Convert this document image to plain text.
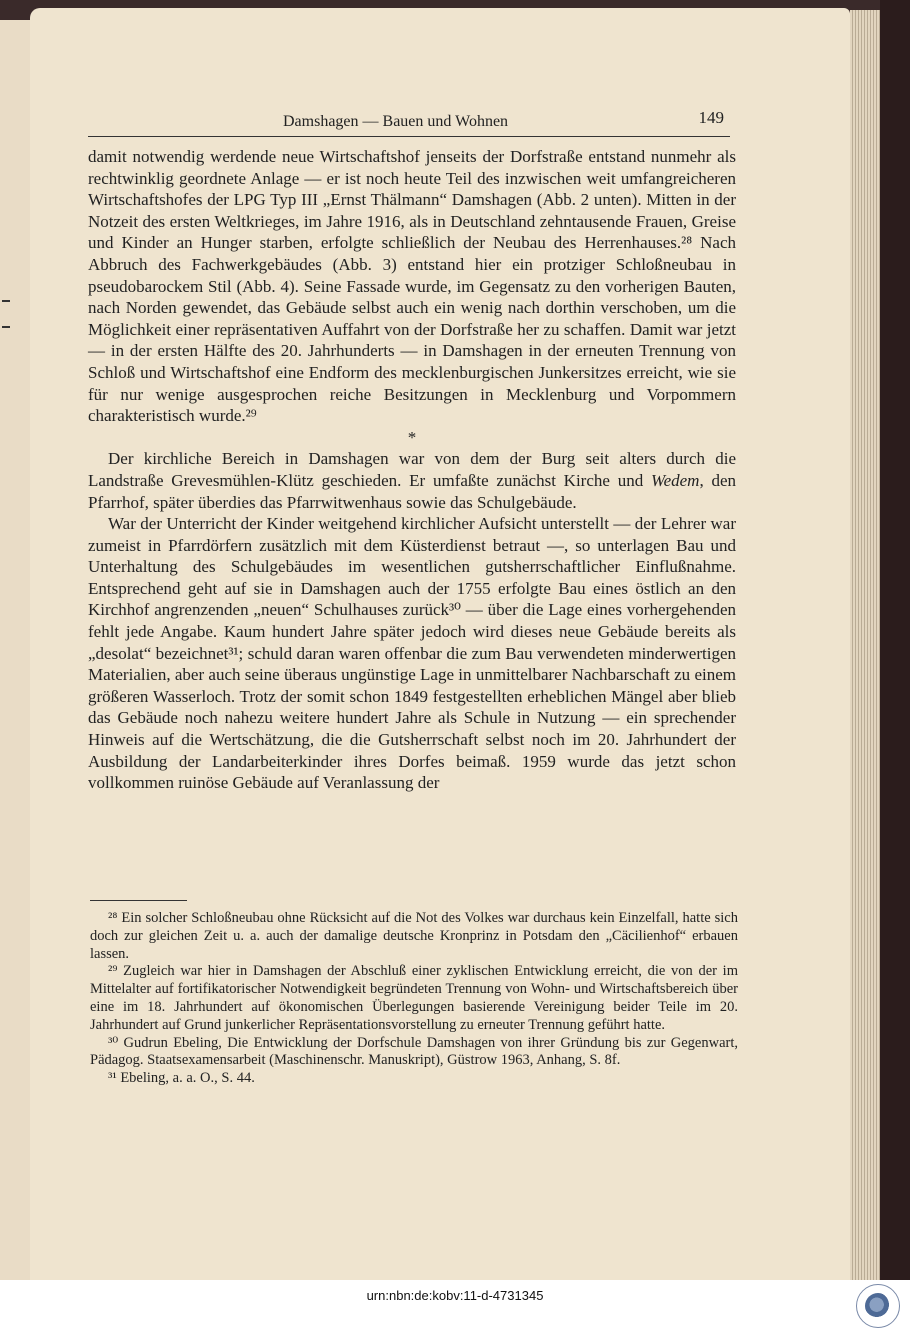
Damshagen — Bauen und Wohnen	149

damit notwendig werdende neue Wirtschaftshof jenseits der Dorfstraße entstand nunmehr als rechtwinklig geordnete Anlage — er ist noch heute Teil des inzwischen weit umfangreicheren Wirtschaftshofes der LPG Typ III „Ernst Thälmann“ Damshagen (Abb. 2 unten). Mitten in der Notzeit des ersten Weltkrieges, im Jahre 1916, als in Deutschland zehntausende Frauen, Greise und Kinder an Hunger starben, erfolgte schließlich der Neubau des Herrenhauses.²⁸ Nach Abbruch des Fachwerkgebäudes (Abb. 3) entstand hier ein protziger Schloßneubau in pseudobarockem Stil (Abb. 4). Seine Fassade wurde, im Gegensatz zu den vorherigen Bauten, nach Norden gewendet, das Gebäude selbst auch ein wenig nach dorthin verschoben, um die Möglichkeit einer repräsentativen Auffahrt von der Dorfstraße her zu schaffen. Damit war jetzt — in der ersten Hälfte des 20. Jahrhunderts — in Damshagen in der erneuten Trennung von Schloß und Wirtschaftshof eine Endform des mecklenburgischen Junkersitzes erreicht, wie sie für nur wenige ausgesprochen reiche Besitzungen in Mecklenburg und Vorpommern charakteristisch wurde.²⁹

*

Der kirchliche Bereich in Damshagen war von dem der Burg seit alters durch die Landstraße Grevesmühlen-Klütz geschieden. Er umfaßte zunächst Kirche und Wedem, den Pfarrhof, später überdies das Pfarrwitwenhaus sowie das Schulgebäude.

War der Unterricht der Kinder weitgehend kirchlicher Aufsicht unterstellt — der Lehrer war zumeist in Pfarrdörfern zusätzlich mit dem Küsterdienst betraut —, so unterlagen Bau und Unterhaltung des Schulgebäudes im wesentlichen gutsherrschaftlicher Einflußnahme. Entsprechend geht auf sie in Damshagen auch der 1755 erfolgte Bau eines östlich an den Kirchhof angrenzenden „neuen“ Schulhauses zurück³⁰ — über die Lage eines vorhergehenden fehlt jede Angabe. Kaum hundert Jahre später jedoch wird dieses neue Gebäude bereits als „desolat“ bezeichnet³¹; schuld daran waren offenbar die zum Bau verwendeten minderwertigen Materialien, aber auch seine überaus ungünstige Lage in unmittelbarer Nachbarschaft zu einem größeren Wasserloch. Trotz der somit schon 1849 festgestellten erheblichen Mängel aber blieb das Gebäude noch nahezu weitere hundert Jahre als Schule in Nutzung — ein sprechender Hinweis auf die Wertschätzung, die die Gutsherrschaft selbst noch im 20. Jahrhundert der Ausbildung der Landarbeiterkinder ihres Dorfes beimaß. 1959 wurde das jetzt schon vollkommen ruinöse Gebäude auf Veranlassung der

²⁸ Ein solcher Schloßneubau ohne Rücksicht auf die Not des Volkes war durchaus kein Einzelfall, hatte sich doch zur gleichen Zeit u. a. auch der damalige deutsche Kronprinz in Potsdam den „Cäcilienhof“ erbauen lassen.

²⁹ Zugleich war hier in Damshagen der Abschluß einer zyklischen Entwicklung erreicht, die von der im Mittelalter auf fortifikatorischer Notwendigkeit begründeten Trennung von Wohn- und Wirtschaftsbereich über eine im 18. Jahrhundert auf ökonomischen Überlegungen basierende Vereinigung beider Teile im 20. Jahrhundert auf Grund junkerlicher Repräsentationsvorstellung zu erneuter Trennung geführt hatte.

³⁰ Gudrun Ebeling, Die Entwicklung der Dorfschule Damshagen von ihrer Gründung bis zur Gegenwart, Pädagog. Staatsexamensarbeit (Maschinenschr. Manuskript), Güstrow 1963, Anhang, S. 8f.

³¹ Ebeling, a. a. O., S. 44.

urn:nbn:de:kobv:11-d-4731345
